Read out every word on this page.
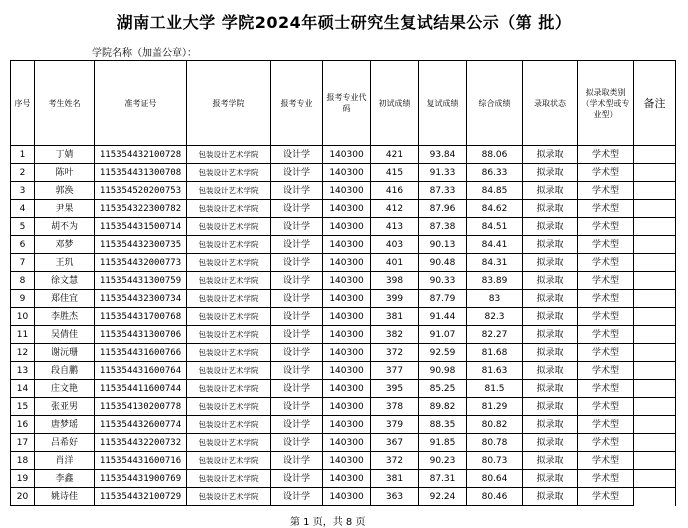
湖南工业大学 学院2024年硕士研究生复试结果公示（第 批）
学院名称（加盖公章）：
序号	考生姓名	准考证号	报考学院	报考专业	报考专业代码	初试成绩	复试成绩	综合成绩	录取状态	拟录取类别（学术型或专业型）	备注
1	丁婧	115354432100728	包装设计艺术学院	设计学	140300	421	93.84	88.06	拟录取	学术型	
2	陈叶	115354431300708	包装设计艺术学院	设计学	140300	415	91.33	86.33	拟录取	学术型	
3	郭涣	115354520200753	包装设计艺术学院	设计学	140300	416	87.33	84.85	拟录取	学术型	
4	尹果	115354322300782	包装设计艺术学院	设计学	140300	412	87.96	84.62	拟录取	学术型	
5	胡不为	115354431500714	包装设计艺术学院	设计学	140300	413	87.38	84.51	拟录取	学术型	
6	邓梦	115354432300735	包装设计艺术学院	设计学	140300	403	90.13	84.41	拟录取	学术型	
7	王玑	115354432000773	包装设计艺术学院	设计学	140300	401	90.48	84.31	拟录取	学术型	
8	徐文慧	115354431300759	包装设计艺术学院	设计学	140300	398	90.33	83.89	拟录取	学术型	
9	郑佳宜	115354432300734	包装设计艺术学院	设计学	140300	399	87.79	83	拟录取	学术型	
10	李胜杰	115354431700768	包装设计艺术学院	设计学	140300	381	91.44	82.3	拟录取	学术型	
11	吴倩佳	115354431300706	包装设计艺术学院	设计学	140300	382	91.07	82.27	拟录取	学术型	
12	谢沅珊	115354431600766	包装设计艺术学院	设计学	140300	372	92.59	81.68	拟录取	学术型	
13	段自鹏	115354431600764	包装设计艺术学院	设计学	140300	377	90.98	81.63	拟录取	学术型	
14	庄文艳	115354411600744	包装设计艺术学院	设计学	140300	395	85.25	81.5	拟录取	学术型	
15	张亚男	115354130200778	包装设计艺术学院	设计学	140300	378	89.82	81.29	拟录取	学术型	
16	唐梦瑶	115354432600774	包装设计艺术学院	设计学	140300	379	88.35	80.82	拟录取	学术型	
17	吕希好	115354432200732	包装设计艺术学院	设计学	140300	367	91.85	80.78	拟录取	学术型	
18	肖洋	115354431600716	包装设计艺术学院	设计学	140300	372	90.23	80.73	拟录取	学术型	
19	李鑫	115354431900769	包装设计艺术学院	设计学	140300	381	87.31	80.64	拟录取	学术型	
20	姚诗佳	115354432100729	包装设计艺术学院	设计学	140300	363	92.24	80.46	拟录取	学术型	
第 1 页，共 8 页
